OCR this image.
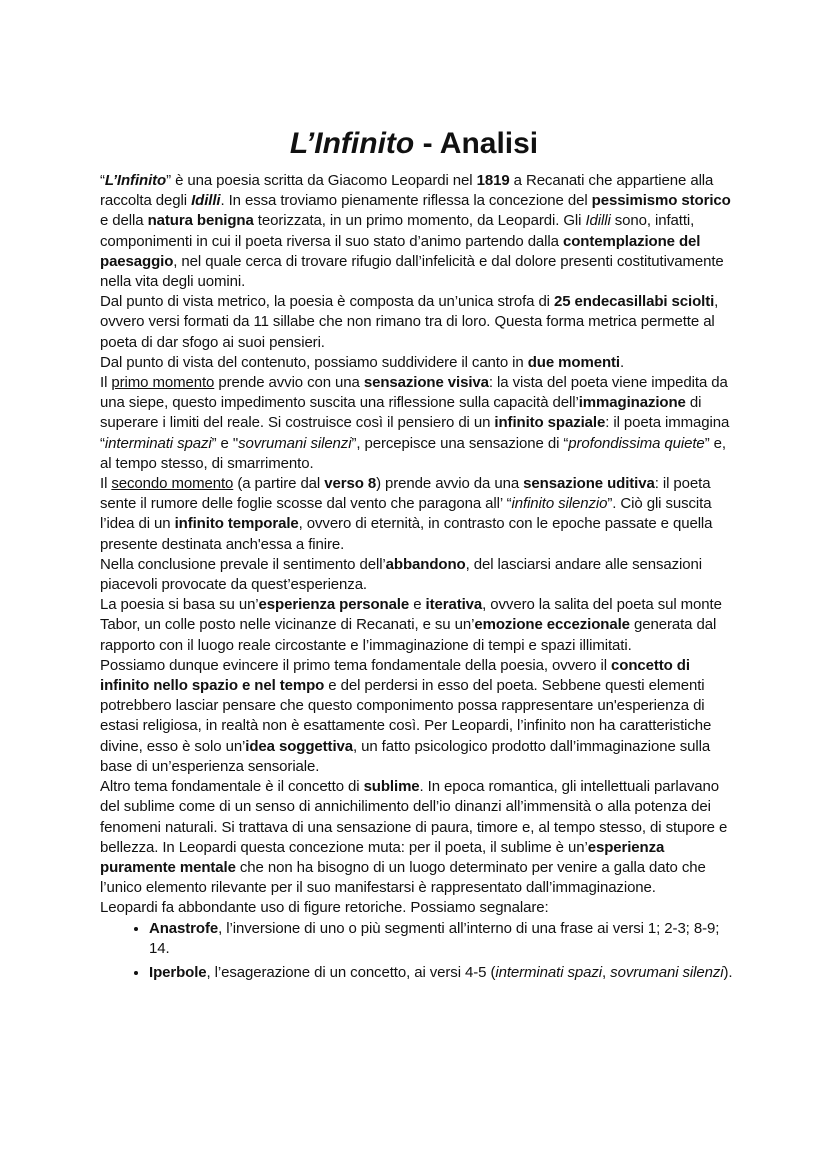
L’Infinito - Analisi

“L’Infinito” è una poesia scritta da Giacomo Leopardi nel 1819 a Recanati che appartiene alla raccolta degli Idilli. In essa troviamo pienamente riflessa la concezione del pessimismo storico e della natura benigna teorizzata, in un primo momento, da Leopardi. Gli Idilli sono, infatti, componimenti in cui il poeta riversa il suo stato d’animo partendo dalla contemplazione del paesaggio, nel quale cerca di trovare rifugio dall’infelicità e dal dolore presenti costitutivamente nella vita degli uomini.

Dal punto di vista metrico, la poesia è composta da un’unica strofa di 25 endecasillabi sciolti, ovvero versi formati da 11 sillabe che non rimano tra di loro. Questa forma metrica permette al poeta di dar sfogo ai suoi pensieri.

Dal punto di vista del contenuto, possiamo suddividere il canto in due momenti.

Il primo momento prende avvio con una sensazione visiva: la vista del poeta viene impedita da una siepe, questo impedimento suscita una riflessione sulla capacità dell’immaginazione di superare i limiti del reale. Si costruisce così il pensiero di un infinito spaziale: il poeta immagina “interminati spazi” e "sovrumani silenzi”, percepisce una sensazione di “profondissima quiete” e, al tempo stesso, di smarrimento.

Il secondo momento (a partire dal verso 8) prende avvio da una sensazione uditiva: il poeta sente il rumore delle foglie scosse dal vento che paragona all’ “infinito silenzio”. Ciò gli suscita l’idea di un infinito temporale, ovvero di eternità, in contrasto con le epoche passate e quella presente destinata anch'essa a finire.

Nella conclusione prevale il sentimento dell’abbandono, del lasciarsi andare alle sensazioni piacevoli provocate da quest’esperienza.

La poesia si basa su un’esperienza personale e iterativa, ovvero la salita del poeta sul monte Tabor, un colle posto nelle vicinanze di Recanati, e su un’emozione eccezionale generata dal rapporto con il luogo reale circostante e l’immaginazione di tempi e spazi illimitati.

Possiamo dunque evincere il primo tema fondamentale della poesia, ovvero il concetto di infinito nello spazio e nel tempo e del perdersi in esso del poeta. Sebbene questi elementi potrebbero lasciar pensare che questo componimento possa rappresentare un'esperienza di estasi religiosa, in realtà non è esattamente così. Per Leopardi, l’infinito non ha caratteristiche divine, esso è solo un’idea soggettiva, un fatto psicologico prodotto dall’immaginazione sulla base di un’esperienza sensoriale.

Altro tema fondamentale è il concetto di sublime. In epoca romantica, gli intellettuali parlavano del sublime come di un senso di annichilimento dell’io dinanzi all’immensità o alla potenza dei fenomeni naturali. Si trattava di una sensazione di paura, timore e, al tempo stesso, di stupore e bellezza. In Leopardi questa concezione muta: per il poeta, il sublime è un’esperienza puramente mentale che non ha bisogno di un luogo determinato per venire a galla dato che l’unico elemento rilevante per il suo manifestarsi è rappresentato dall’immaginazione.

Leopardi fa abbondante uso di figure retoriche. Possiamo segnalare:

• Anastrofe, l’inversione di uno o più segmenti all’interno di una frase ai versi 1; 2-3; 8-9; 14.
• Iperbole, l’esagerazione di un concetto, ai versi 4-5 (interminati spazi, sovrumani silenzi).
